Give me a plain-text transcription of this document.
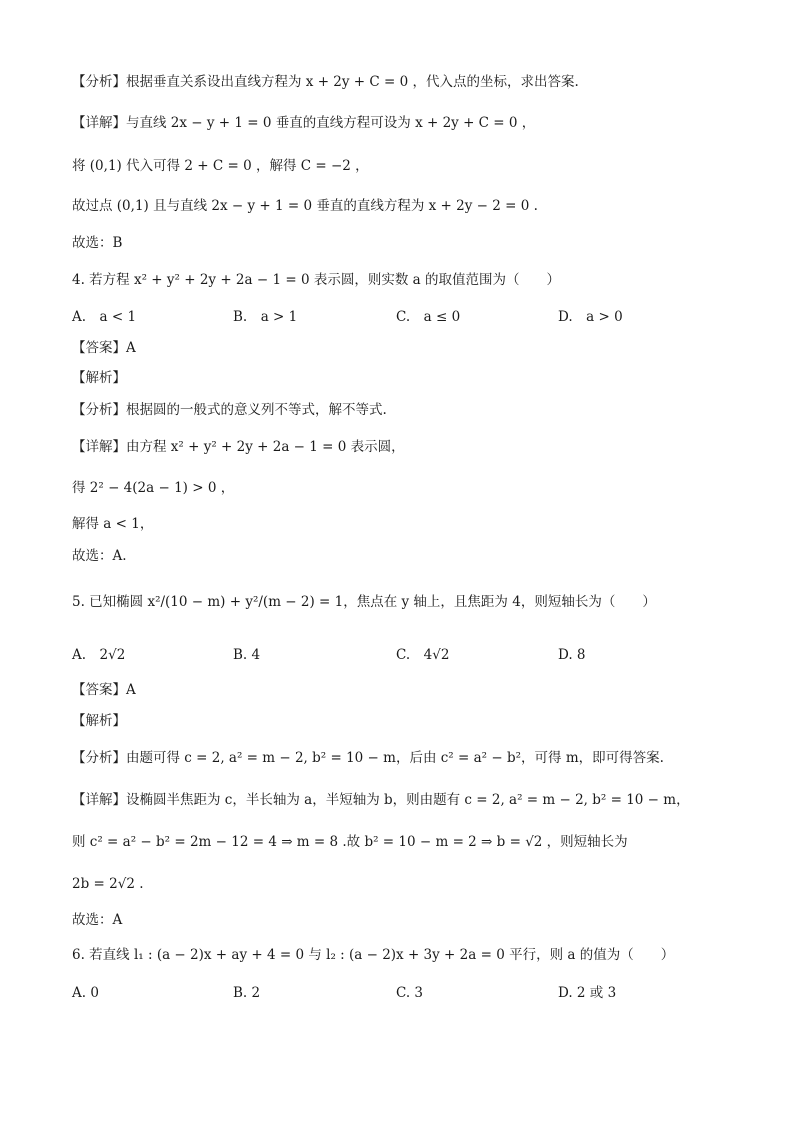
【分析】根据垂直关系设出直线方程为 x + 2y + C = 0 ，代入点的坐标，求出答案.
【详解】与直线 2x − y + 1 = 0 垂直的直线方程可设为 x + 2y + C = 0 ，
将 (0,1) 代入可得 2 + C = 0 ，解得 C = −2 ，
故过点 (0,1) 且与直线 2x − y + 1 = 0 垂直的直线方程为 x + 2y − 2 = 0 .
故选：B
4. 若方程 x² + y² + 2y + 2a − 1 = 0 表示圆，则实数 a 的取值范围为（　　）
A.　a < 1	B.　a > 1	C.　a ≤ 0	D.　a > 0
【答案】A
【解析】
【分析】根据圆的一般式的意义列不等式，解不等式.
【详解】由方程 x² + y² + 2y + 2a − 1 = 0 表示圆，
得 2² − 4(2a − 1) > 0 ，
解得 a < 1，
故选：A.
5. 已知椭圆 x²/(10 − m) + y²/(m − 2) = 1，焦点在 y 轴上，且焦距为 4，则短轴长为（　　）
A.　2√2	B. 4	C.　4√2	D. 8
【答案】A
【解析】
【分析】由题可得 c = 2, a² = m − 2, b² = 10 − m，后由 c² = a² − b²，可得 m，即可得答案.
【详解】设椭圆半焦距为 c，半长轴为 a，半短轴为 b，则由题有 c = 2, a² = m − 2, b² = 10 − m，
则 c² = a² − b² = 2m − 12 = 4 ⇒ m = 8 .故 b² = 10 − m = 2 ⇒ b = √2 ，则短轴长为
2b = 2√2 .
故选：A
6. 若直线 l₁ : (a − 2)x + ay + 4 = 0 与 l₂ : (a − 2)x + 3y + 2a = 0 平行，则 a 的值为（　　）
A. 0	B. 2	C. 3	D. 2 或 3
